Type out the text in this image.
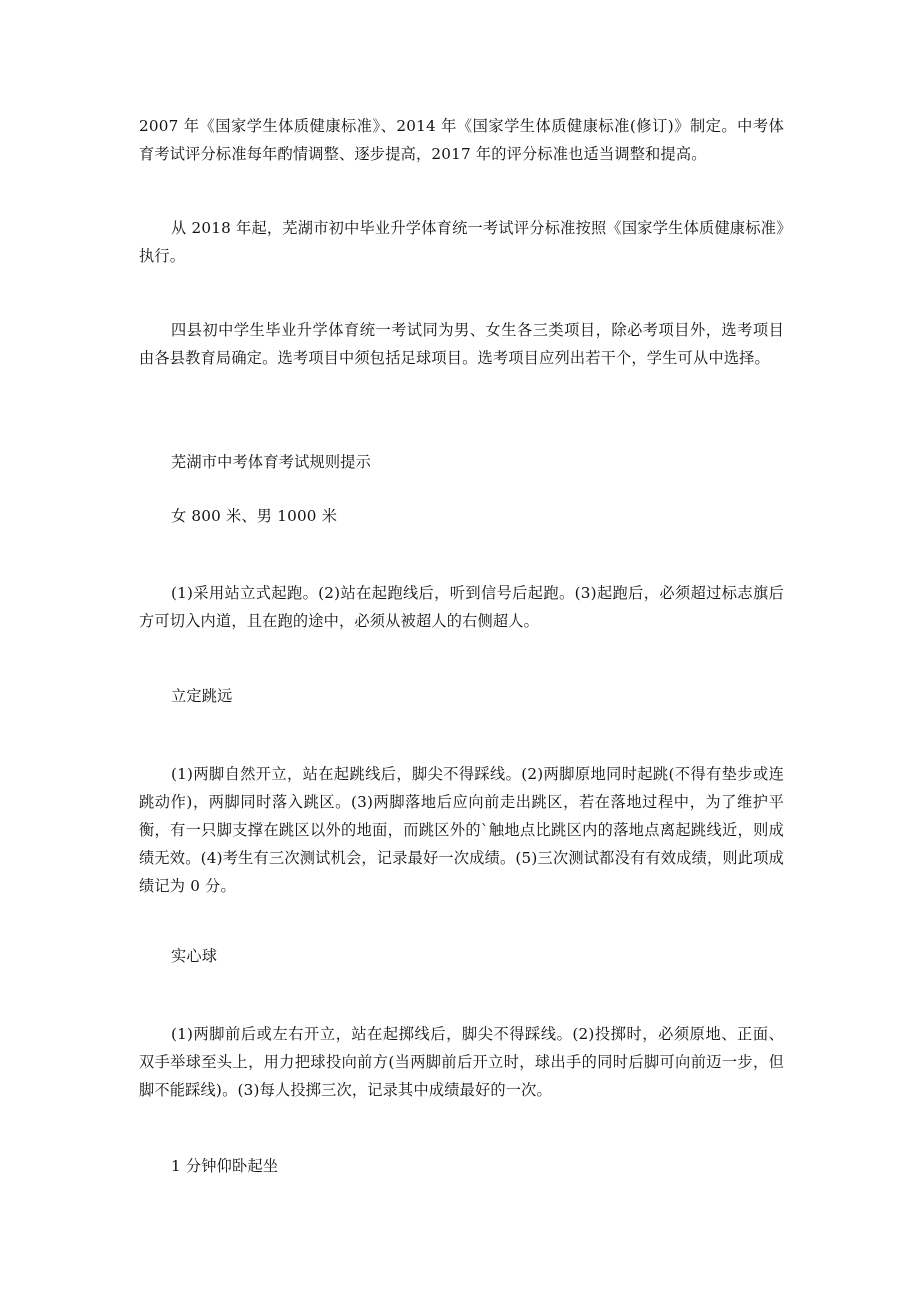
2007 年《国家学生体质健康标准》、2014 年《国家学生体质健康标准(修订)》制定。中考体育考试评分标准每年酌情调整、逐步提高，2017 年的评分标准也适当调整和提高。

从 2018 年起，芜湖市初中毕业升学体育统一考试评分标准按照《国家学生体质健康标准》执行。

四县初中学生毕业升学体育统一考试同为男、女生各三类项目，除必考项目外，选考项目由各县教育局确定。选考项目中须包括足球项目。选考项目应列出若干个，学生可从中选择。

芜湖市中考体育考试规则提示

女 800 米、男 1000 米

(1)采用站立式起跑。(2)站在起跑线后，听到信号后起跑。(3)起跑后，必须超过标志旗后方可切入内道，且在跑的途中，必须从被超人的右侧超人。

立定跳远

(1)两脚自然开立，站在起跳线后，脚尖不得踩线。(2)两脚原地同时起跳(不得有垫步或连跳动作)，两脚同时落入跳区。(3)两脚落地后应向前走出跳区，若在落地过程中，为了维护平衡，有一只脚支撑在跳区以外的地面，而跳区外的`触地点比跳区内的落地点离起跳线近，则成绩无效。(4)考生有三次测试机会，记录最好一次成绩。(5)三次测试都没有有效成绩，则此项成绩记为 0 分。

实心球

(1)两脚前后或左右开立，站在起掷线后，脚尖不得踩线。(2)投掷时，必须原地、正面、双手举球至头上，用力把球投向前方(当两脚前后开立时，球出手的同时后脚可向前迈一步，但脚不能踩线)。(3)每人投掷三次，记录其中成绩最好的一次。

1 分钟仰卧起坐
